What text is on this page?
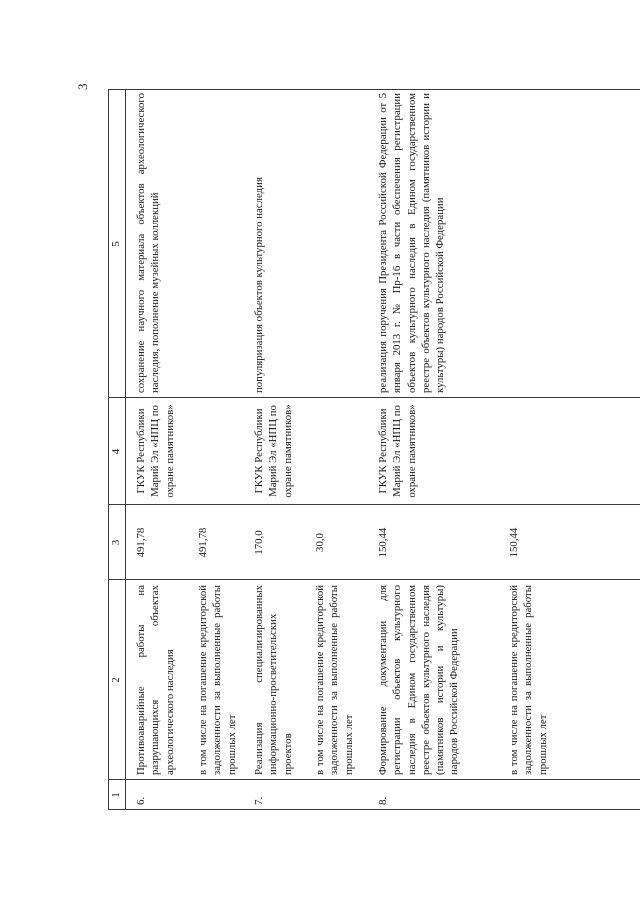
3
1
2
3
4
5
6.
Противоаварийные работы на разрушающихся объектах археологического наследия
491,78
ГКУК Республики Марий Эл «НПЦ по охране памятников»
сохранение научного материала объектов археологического наследия, пополнение музейных коллекций
в том числе на погашение кредиторской задолженности за выполненные работы прошлых лет
491,78
7.
Реализация специализированных информационно-просветительских проектов
170,0
ГКУК Республики Марий Эл «НПЦ по охране памятников»
популяризация объектов культурного наследия
в том числе на погашение кредиторской задолженности за выполненные работы прошлых лет
30,0
8.
Формирование документации для регистрации объектов культурного наследия в Едином государственном реестре объектов культурного наследия (памятников истории и культуры) народов Российской Федерации
150,44
ГКУК Республики Марий Эл «НПЦ по охране памятников»
реализация поручения Президента Российской Федерации от 5 января 2013 г. № Пр-16 в части обеспечения регистрации объектов культурного наследия в Едином государственном реестре объектов культурного наследия (памятников истории и культуры) народов Российской Федерации
в том числе на погашение кредиторской задолженности за выполненные работы прошлых лет
150,44
